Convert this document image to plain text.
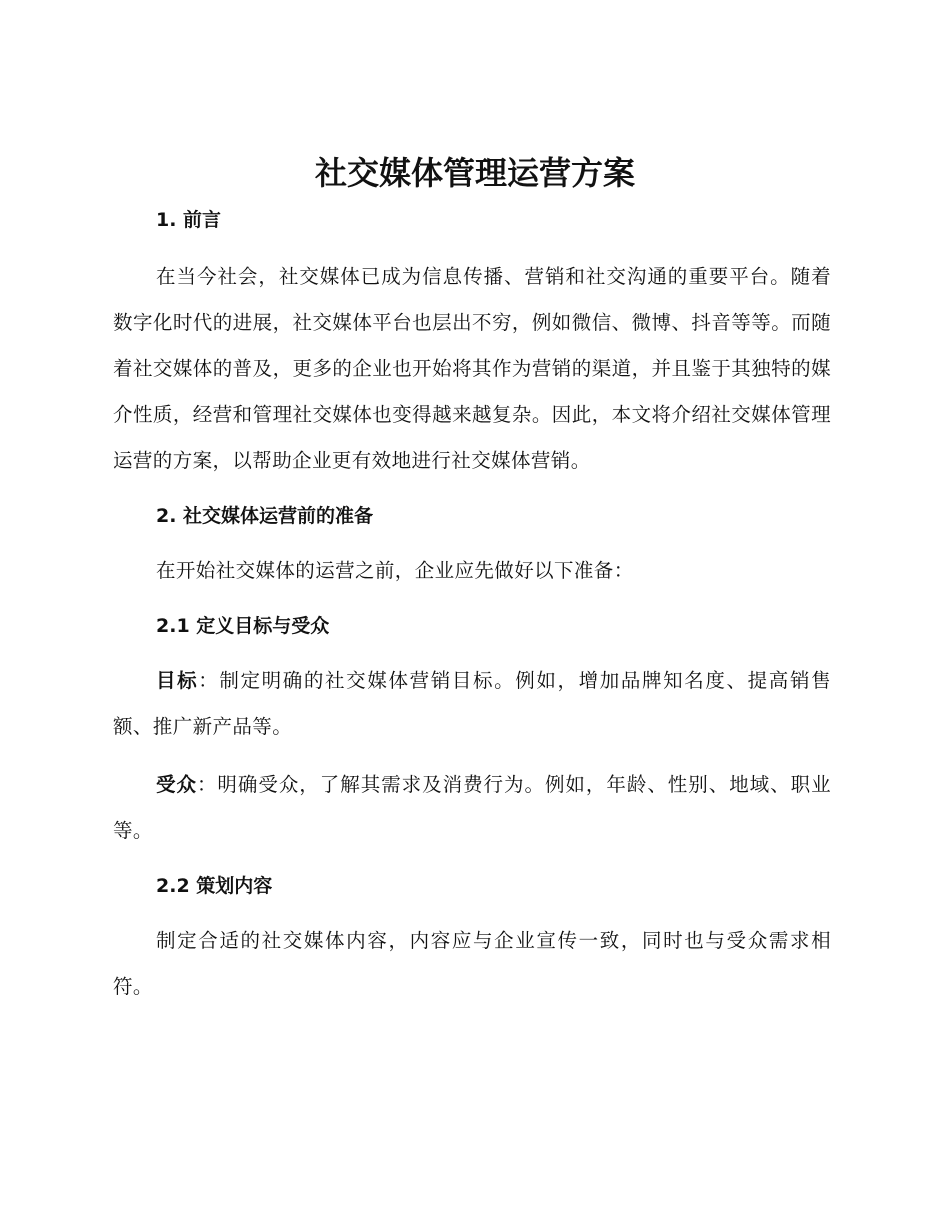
社交媒体管理运营方案
1. 前言

在当今社会，社交媒体已成为信息传播、营销和社交沟通的重要平台。随着数字化时代的进展，社交媒体平台也层出不穷，例如微信、微博、抖音等等。而随着社交媒体的普及，更多的企业也开始将其作为营销的渠道，并且鉴于其独特的媒介性质，经营和管理社交媒体也变得越来越复杂。因此，本文将介绍社交媒体管理运营的方案，以帮助企业更有效地进行社交媒体营销。

2. 社交媒体运营前的准备

在开始社交媒体的运营之前，企业应先做好以下准备：

2.1 定义目标与受众

目标：制定明确的社交媒体营销目标。例如，增加品牌知名度、提高销售额、推广新产品等。

受众：明确受众，了解其需求及消费行为。例如，年龄、性别、地域、职业等。

2.2 策划内容

制定合适的社交媒体内容，内容应与企业宣传一致，同时也与受众需求相符。
